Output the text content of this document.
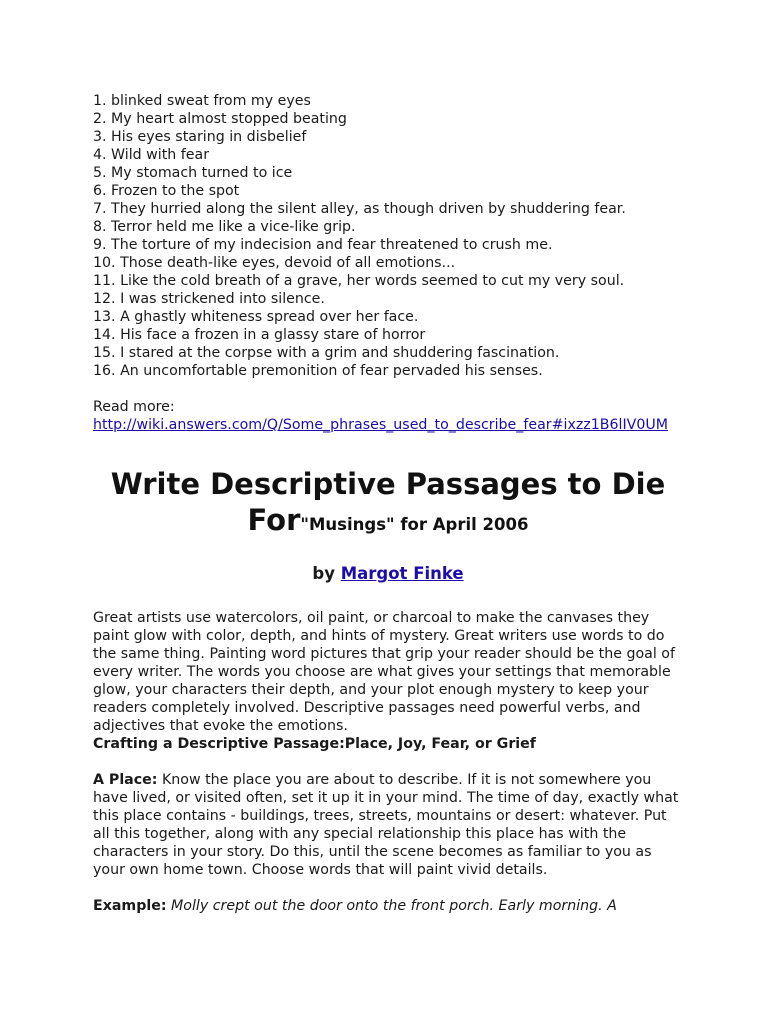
1. blinked sweat from my eyes
2. My heart almost stopped beating
3. His eyes staring in disbelief
4. Wild with fear
5. My stomach turned to ice
6. Frozen to the spot
7. They hurried along the silent alley, as though driven by shuddering fear.
8. Terror held me like a vice-like grip.
9. The torture of my indecision and fear threatened to crush me.
10. Those death-like eyes, devoid of all emotions...
11. Like the cold breath of a grave, her words seemed to cut my very soul.
12. I was strickened into silence.
13. A ghastly whiteness spread over her face.
14. His face a frozen in a glassy stare of horror
15. I stared at the corpse with a grim and shuddering fascination.
16. An uncomfortable premonition of fear pervaded his senses.
Read more:
http://wiki.answers.com/Q/Some_phrases_used_to_describe_fear#ixzz1B6lIV0UM
Write Descriptive Passages to Die For"Musings" for April 2006
by Margot Finke

Great artists use watercolors, oil paint, or charcoal to make the canvases they paint glow with color, depth, and hints of mystery. Great writers use words to do the same thing. Painting word pictures that grip your reader should be the goal of every writer. The words you choose are what gives your settings that memorable glow, your characters their depth, and your plot enough mystery to keep your readers completely involved. Descriptive passages need powerful verbs, and adjectives that evoke the emotions.

Crafting a Descriptive Passage:Place, Joy, Fear, or Grief

A Place: Know the place you are about to describe. If it is not somewhere you have lived, or visited often, set it up it in your mind. The time of day, exactly what this place contains - buildings, trees, streets, mountains or desert: whatever. Put all this together, along with any special relationship this place has with the characters in your story. Do this, until the scene becomes as familiar to you as your own home town. Choose words that will paint vivid details.

Example: Molly crept out the door onto the front porch. Early morning. A
